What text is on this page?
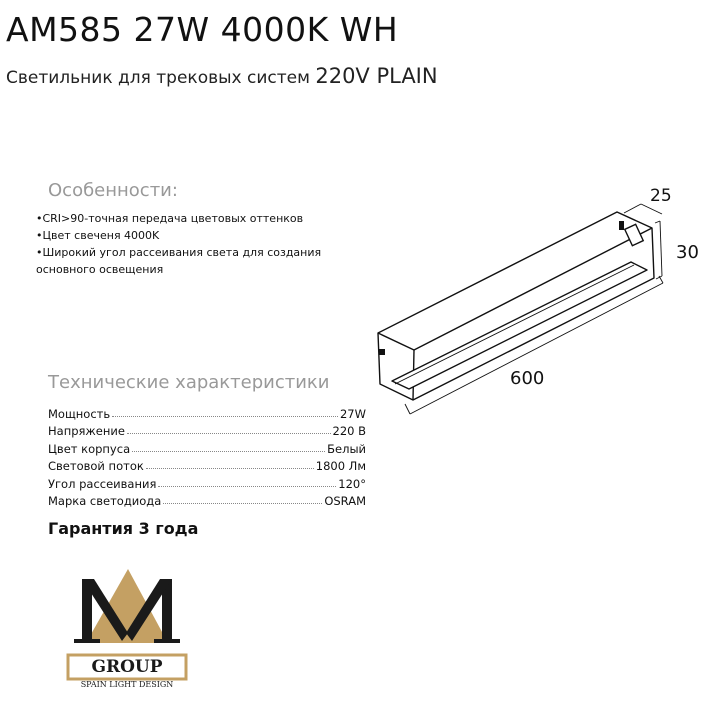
AM585 27W 4000K WH
Светильник для трековых систем 220V PLAIN
Особенности:
•CRI>90-точная передача цветовых оттенков
•Цвет свеченя 4000K
•Широкий угол рассеивания света для создания
основного освещения
Технические характеристики
Мощность	27W
Напряжение	220 В
Цвет корпуса	Белый
Световой поток	1800 Лм
Угол рассеивания	120°
Марка светодиода	OSRAM
Гарантия 3 года
25
30
600
GROUP
SPAIN LIGHT DESIGN
